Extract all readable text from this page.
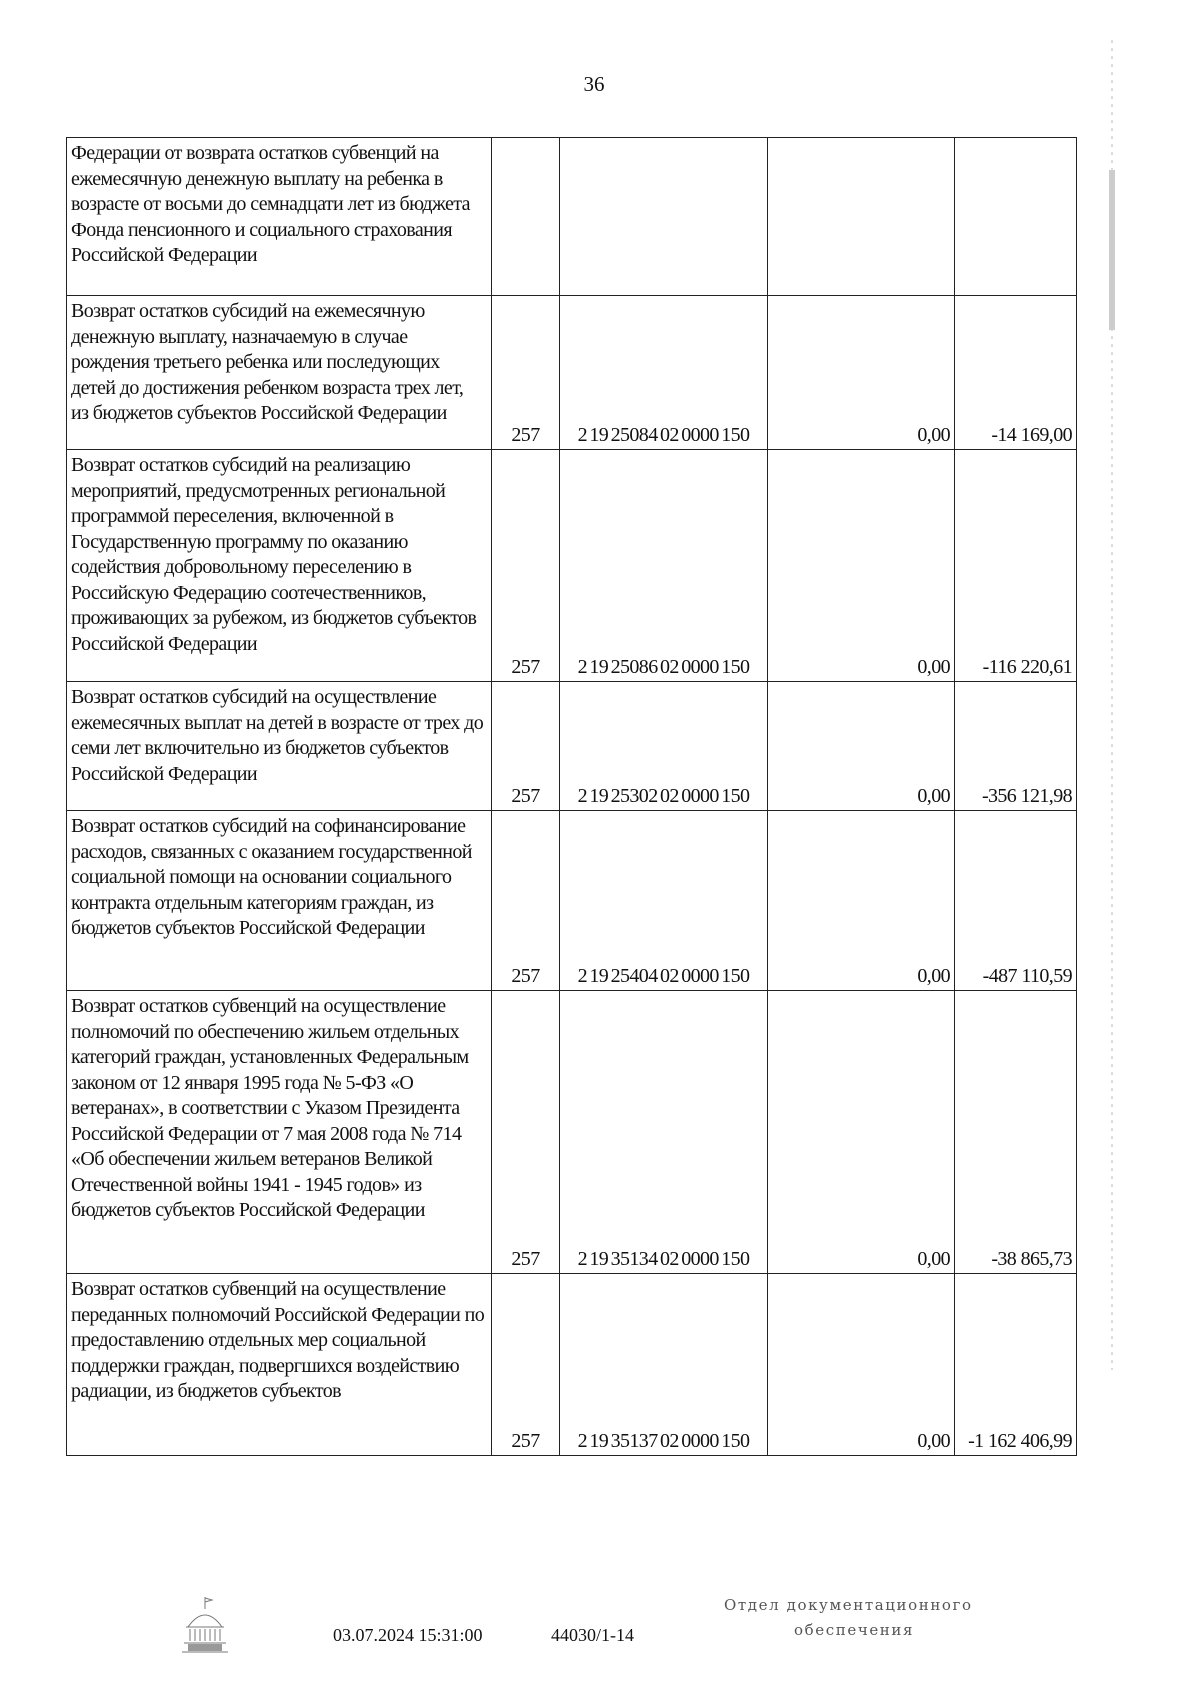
36
Федерации от возврата остатков субвенций на ежемесячную денежную выплату на ребенка в возрасте от восьми до семнадцати лет из бюджета Фонда пенсионного и социального страхования Российской Федерации				
Возврат остатков субсидий на ежемесячную денежную выплату, назначаемую в случае рождения третьего ребенка или последующих детей до достижения ребенком возраста трех лет, из бюджетов субъектов Российской Федерации	257	2 19 25084 02 0000 150	0,00	-14 169,00
Возврат остатков субсидий на реализацию мероприятий, предусмотренных региональной программой переселения, включенной в Государственную программу по оказанию содействия добровольному переселению в Российскую Федерацию соотечественников, проживающих за рубежом, из бюджетов субъектов Российской Федерации	257	2 19 25086 02 0000 150	0,00	-116 220,61
Возврат остатков субсидий на осуществление ежемесячных выплат на детей в возрасте от трех до семи лет включительно из бюджетов субъектов Российской Федерации	257	2 19 25302 02 0000 150	0,00	-356 121,98
Возврат остатков субсидий на софинансирование расходов, связанных с оказанием государственной социальной помощи на основании социального контракта отдельным категориям граждан, из бюджетов субъектов Российской Федерации	257	2 19 25404 02 0000 150	0,00	-487 110,59
Возврат остатков субвенций на осуществление полномочий по обеспечению жильем отдельных категорий граждан, установленных Федеральным законом от 12 января 1995 года № 5-ФЗ «О ветеранах», в соответствии с Указом Президента Российской Федерации от 7 мая 2008 года № 714 «Об обеспечении жильем ветеранов Великой Отечественной войны 1941 - 1945 годов» из бюджетов субъектов Российской Федерации	257	2 19 35134 02 0000 150	0,00	-38 865,73
Возврат остатков субвенций на осуществление переданных полномочий Российской Федерации по предоставлению отдельных мер социальной поддержки граждан, подвергшихся воздействию радиации, из бюджетов субъектов	257	2 19 35137 02 0000 150	0,00	-1 162 406,99
03.07.2024 15:31:00	44030/1-14
Отдел документационного
обеспечения
